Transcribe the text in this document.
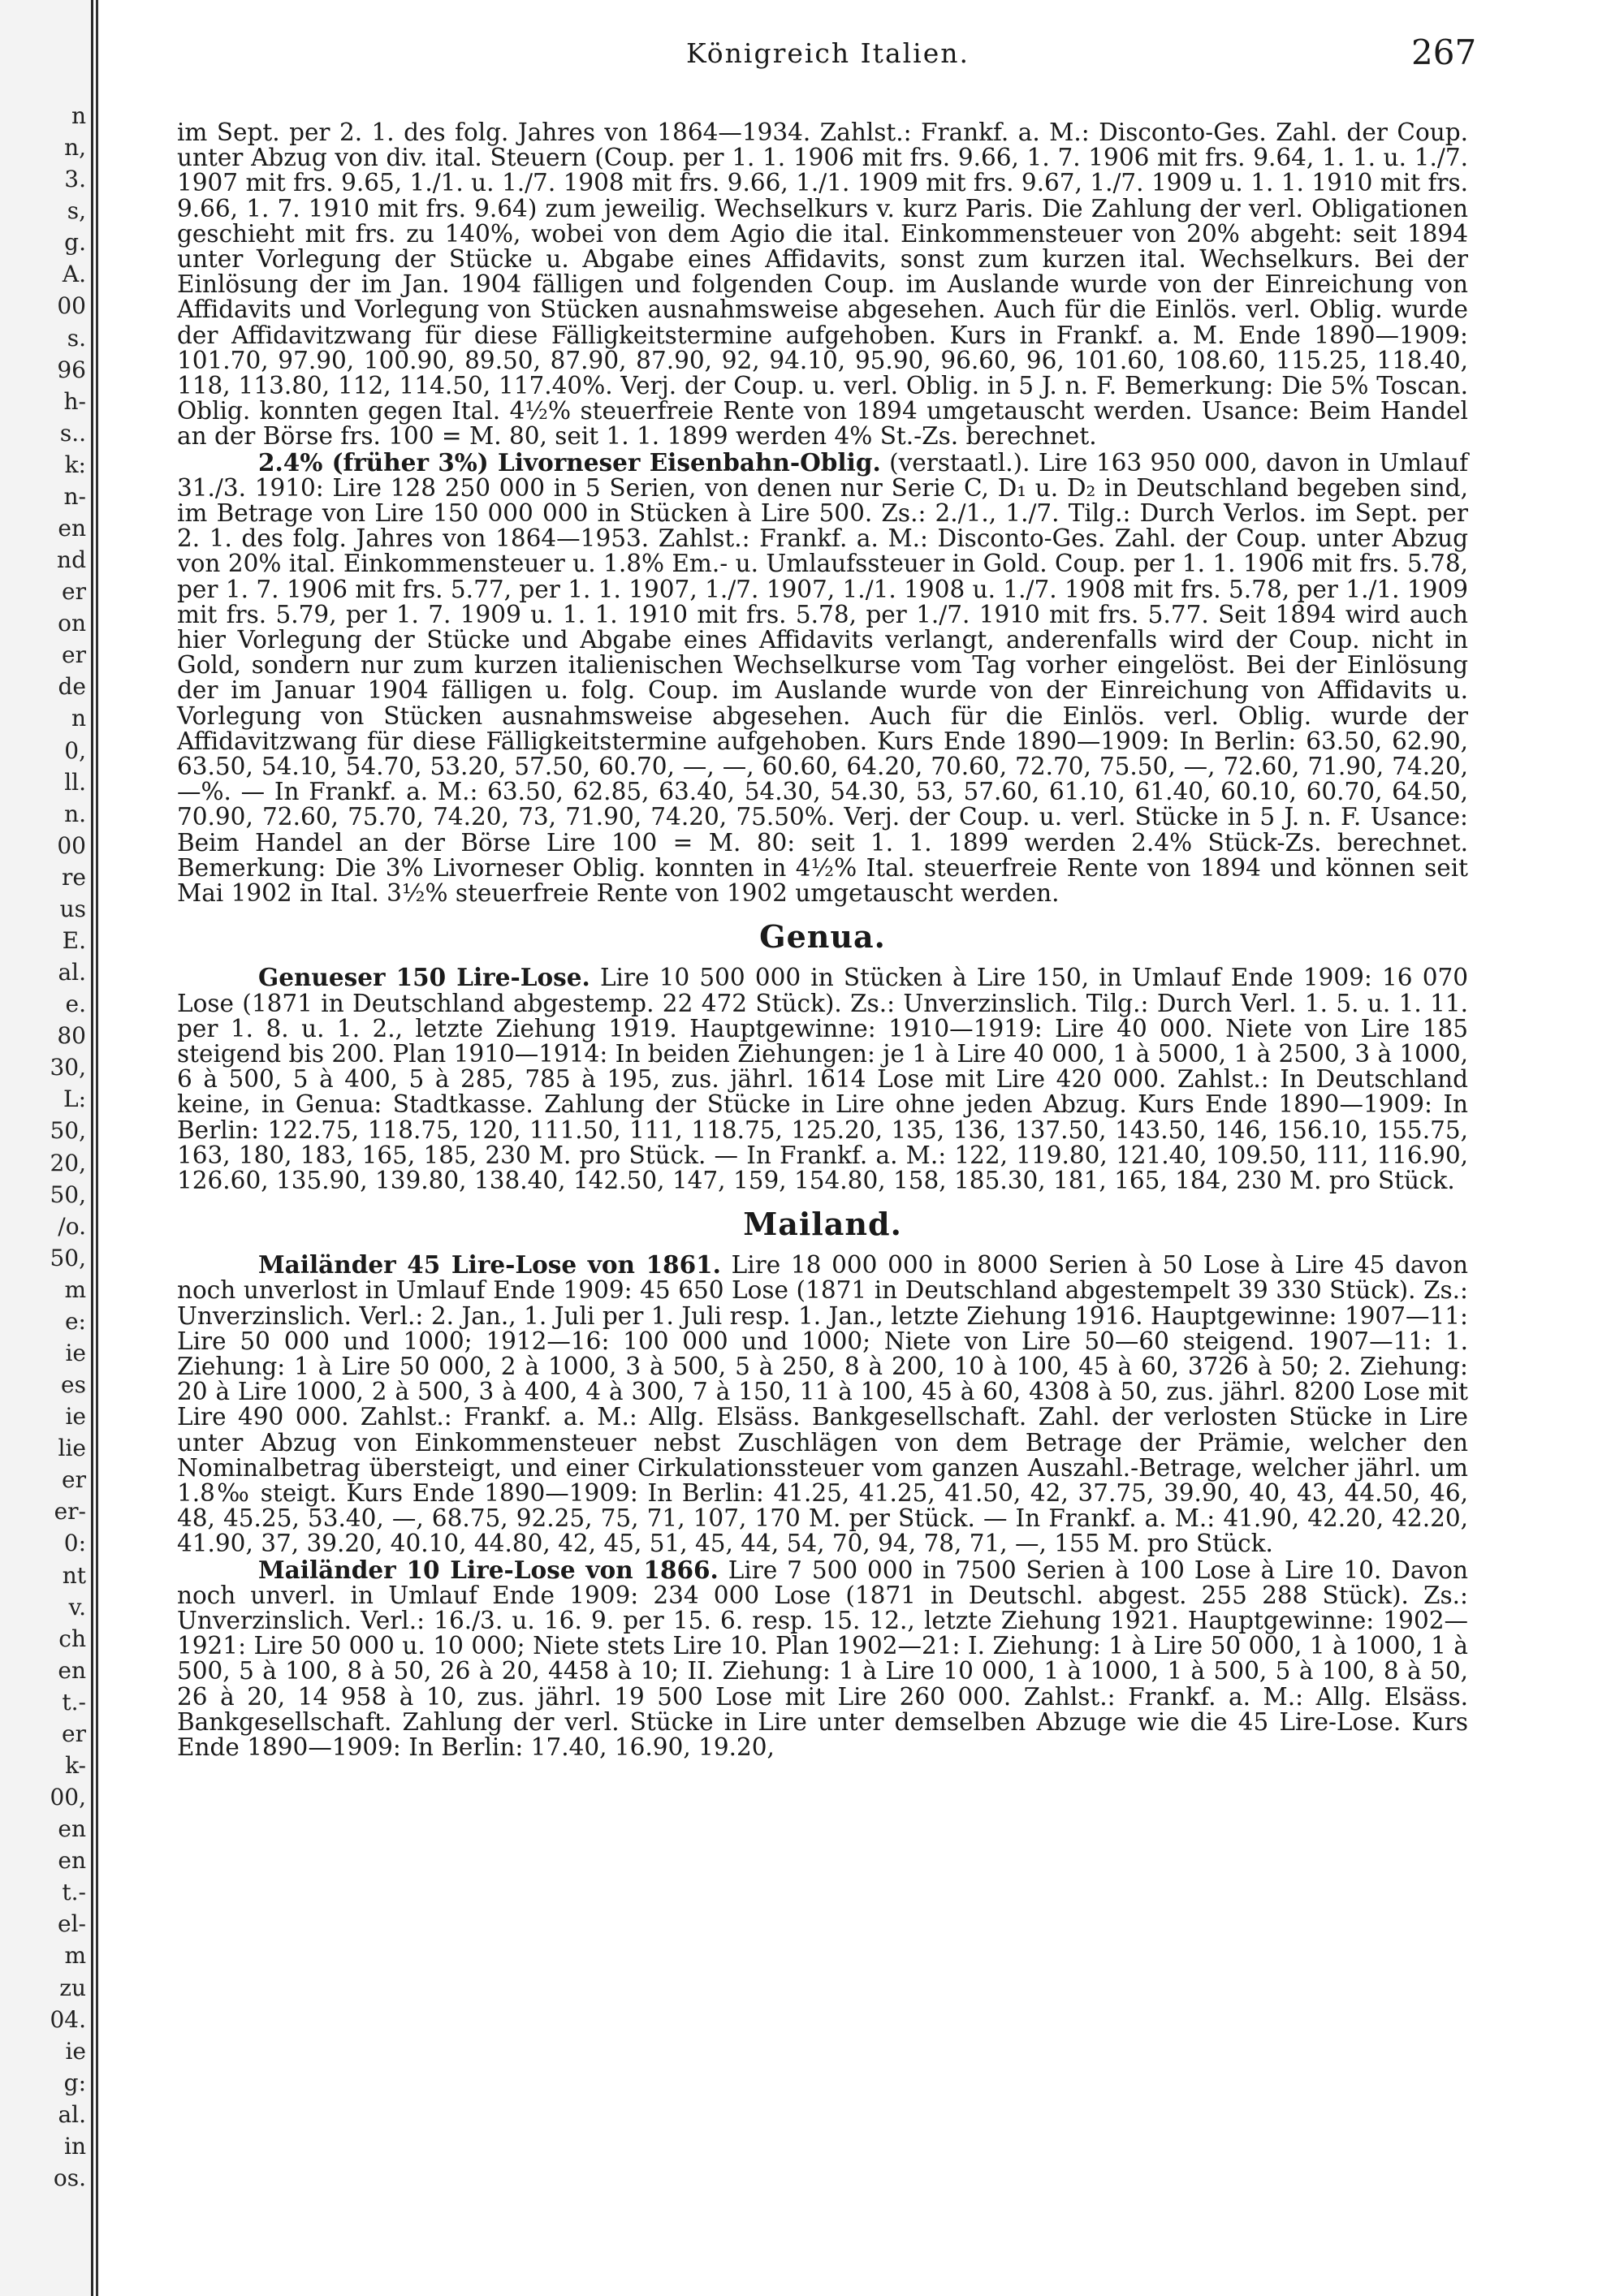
n
n,
3.
s,
g.
A.
00
s.
96
h-
s..
k:
n-
en
nd
er
on
er
de
n
0,
ll.
n.
00
re
us
E.
al.
e.
80
30,
L:
50,
20,
50,
/o.
50,
m
e:
ie
es
ie
lie
er
er-
0:
nt
v.
ch
en
t.-
er
k-
00,
en
en
t.-
el-
m
zu
04.
ie
g:
al.
in
os.
Königreich Italien.	267

im Sept. per 2. 1. des folg. Jahres von 1864—1934. Zahlst.: Frankf. a. M.: Disconto-Ges. Zahl. der Coup. unter Abzug von div. ital. Steuern (Coup. per 1. 1. 1906 mit frs. 9.66, 1. 7. 1906 mit frs. 9.64, 1. 1. u. 1./7. 1907 mit frs. 9.65, 1./1. u. 1./7. 1908 mit frs. 9.66, 1./1. 1909 mit frs. 9.67, 1./7. 1909 u. 1. 1. 1910 mit frs. 9.66, 1. 7. 1910 mit frs. 9.64) zum jeweilig. Wechselkurs v. kurz Paris. Die Zahlung der verl. Obligationen geschieht mit frs. zu 140%, wobei von dem Agio die ital. Einkommensteuer von 20% abgeht: seit 1894 unter Vorlegung der Stücke u. Abgabe eines Affidavits, sonst zum kurzen ital. Wechselkurs. Bei der Einlösung der im Jan. 1904 fälligen und folgenden Coup. im Auslande wurde von der Einreichung von Affidavits und Vorlegung von Stücken ausnahmsweise abgesehen. Auch für die Einlös. verl. Oblig. wurde der Affidavitzwang für diese Fälligkeitstermine aufgehoben. Kurs in Frankf. a. M. Ende 1890—1909: 101.70, 97.90, 100.90, 89.50, 87.90, 87.90, 92, 94.10, 95.90, 96.60, 96, 101.60, 108.60, 115.25, 118.40, 118, 113.80, 112, 114.50, 117.40%. Verj. der Coup. u. verl. Oblig. in 5 J. n. F. Bemerkung: Die 5% Toscan. Oblig. konnten gegen Ital. 4½% steuerfreie Rente von 1894 umgetauscht werden. Usance: Beim Handel an der Börse frs. 100 = M. 80, seit 1. 1. 1899 werden 4% St.-Zs. berechnet.

2.4% (früher 3%) Livorneser Eisenbahn-Oblig. (verstaatl.). Lire 163 950 000, davon in Umlauf 31./3. 1910: Lire 128 250 000 in 5 Serien, von denen nur Serie C, D₁ u. D₂ in Deutschland begeben sind, im Betrage von Lire 150 000 000 in Stücken à Lire 500. Zs.: 2./1., 1./7. Tilg.: Durch Verlos. im Sept. per 2. 1. des folg. Jahres von 1864—1953. Zahlst.: Frankf. a. M.: Disconto-Ges. Zahl. der Coup. unter Abzug von 20% ital. Einkommensteuer u. 1.8% Em.- u. Umlaufssteuer in Gold. Coup. per 1. 1. 1906 mit frs. 5.78, per 1. 7. 1906 mit frs. 5.77, per 1. 1. 1907, 1./7. 1907, 1./1. 1908 u. 1./7. 1908 mit frs. 5.78, per 1./1. 1909 mit frs. 5.79, per 1. 7. 1909 u. 1. 1. 1910 mit frs. 5.78, per 1./7. 1910 mit frs. 5.77. Seit 1894 wird auch hier Vorlegung der Stücke und Abgabe eines Affidavits verlangt, anderenfalls wird der Coup. nicht in Gold, sondern nur zum kurzen italienischen Wechselkurse vom Tag vorher eingelöst. Bei der Einlösung der im Januar 1904 fälligen u. folg. Coup. im Auslande wurde von der Einreichung von Affidavits u. Vorlegung von Stücken ausnahmsweise abgesehen. Auch für die Einlös. verl. Oblig. wurde der Affidavitzwang für diese Fälligkeitstermine aufgehoben. Kurs Ende 1890—1909: In Berlin: 63.50, 62.90, 63.50, 54.10, 54.70, 53.20, 57.50, 60.70, —, —, 60.60, 64.20, 70.60, 72.70, 75.50, —, 72.60, 71.90, 74.20, —%. — In Frankf. a. M.: 63.50, 62.85, 63.40, 54.30, 54.30, 53, 57.60, 61.10, 61.40, 60.10, 60.70, 64.50, 70.90, 72.60, 75.70, 74.20, 73, 71.90, 74.20, 75.50%. Verj. der Coup. u. verl. Stücke in 5 J. n. F. Usance: Beim Handel an der Börse Lire 100 = M. 80: seit 1. 1. 1899 werden 2.4% Stück-Zs. berechnet. Bemerkung: Die 3% Livorneser Oblig. konnten in 4½% Ital. steuerfreie Rente von 1894 und können seit Mai 1902 in Ital. 3½% steuerfreie Rente von 1902 umgetauscht werden.

Genua.

Genueser 150 Lire-Lose. Lire 10 500 000 in Stücken à Lire 150, in Umlauf Ende 1909: 16 070 Lose (1871 in Deutschland abgestemp. 22 472 Stück). Zs.: Unverzinslich. Tilg.: Durch Verl. 1. 5. u. 1. 11. per 1. 8. u. 1. 2., letzte Ziehung 1919. Hauptgewinne: 1910—1919: Lire 40 000. Niete von Lire 185 steigend bis 200. Plan 1910—1914: In beiden Ziehungen: je 1 à Lire 40 000, 1 à 5000, 1 à 2500, 3 à 1000, 6 à 500, 5 à 400, 5 à 285, 785 à 195, zus. jährl. 1614 Lose mit Lire 420 000. Zahlst.: In Deutschland keine, in Genua: Stadtkasse. Zahlung der Stücke in Lire ohne jeden Abzug. Kurs Ende 1890—1909: In Berlin: 122.75, 118.75, 120, 111.50, 111, 118.75, 125.20, 135, 136, 137.50, 143.50, 146, 156.10, 155.75, 163, 180, 183, 165, 185, 230 M. pro Stück. — In Frankf. a. M.: 122, 119.80, 121.40, 109.50, 111, 116.90, 126.60, 135.90, 139.80, 138.40, 142.50, 147, 159, 154.80, 158, 185.30, 181, 165, 184, 230 M. pro Stück.

Mailand.

Mailänder 45 Lire-Lose von 1861. Lire 18 000 000 in 8000 Serien à 50 Lose à Lire 45 davon noch unverlost in Umlauf Ende 1909: 45 650 Lose (1871 in Deutschland abgestempelt 39 330 Stück). Zs.: Unverzinslich. Verl.: 2. Jan., 1. Juli per 1. Juli resp. 1. Jan., letzte Ziehung 1916. Hauptgewinne: 1907—11: Lire 50 000 und 1000; 1912—16: 100 000 und 1000; Niete von Lire 50—60 steigend. 1907—11: 1. Ziehung: 1 à Lire 50 000, 2 à 1000, 3 à 500, 5 à 250, 8 à 200, 10 à 100, 45 à 60, 3726 à 50; 2. Ziehung: 20 à Lire 1000, 2 à 500, 3 à 400, 4 à 300, 7 à 150, 11 à 100, 45 à 60, 4308 à 50, zus. jährl. 8200 Lose mit Lire 490 000. Zahlst.: Frankf. a. M.: Allg. Elsäss. Bankgesellschaft. Zahl. der verlosten Stücke in Lire unter Abzug von Einkommensteuer nebst Zuschlägen von dem Betrage der Prämie, welcher den Nominalbetrag übersteigt, und einer Cirkulationssteuer vom ganzen Auszahl.-Betrage, welcher jährl. um 1.8‰ steigt. Kurs Ende 1890—1909: In Berlin: 41.25, 41.25, 41.50, 42, 37.75, 39.90, 40, 43, 44.50, 46, 48, 45.25, 53.40, —, 68.75, 92.25, 75, 71, 107, 170 M. per Stück. — In Frankf. a. M.: 41.90, 42.20, 42.20, 41.90, 37, 39.20, 40.10, 44.80, 42, 45, 51, 45, 44, 54, 70, 94, 78, 71, —, 155 M. pro Stück.

Mailänder 10 Lire-Lose von 1866. Lire 7 500 000 in 7500 Serien à 100 Lose à Lire 10. Davon noch unverl. in Umlauf Ende 1909: 234 000 Lose (1871 in Deutschl. abgest. 255 288 Stück). Zs.: Unverzinslich. Verl.: 16./3. u. 16. 9. per 15. 6. resp. 15. 12., letzte Ziehung 1921. Hauptgewinne: 1902—1921: Lire 50 000 u. 10 000; Niete stets Lire 10. Plan 1902—21: I. Ziehung: 1 à Lire 50 000, 1 à 1000, 1 à 500, 5 à 100, 8 à 50, 26 à 20, 4458 à 10; II. Ziehung: 1 à Lire 10 000, 1 à 1000, 1 à 500, 5 à 100, 8 à 50, 26 à 20, 14 958 à 10, zus. jährl. 19 500 Lose mit Lire 260 000. Zahlst.: Frankf. a. M.: Allg. Elsäss. Bankgesellschaft. Zahlung der verl. Stücke in Lire unter demselben Abzuge wie die 45 Lire-Lose. Kurs Ende 1890—1909: In Berlin: 17.40, 16.90, 19.20,
